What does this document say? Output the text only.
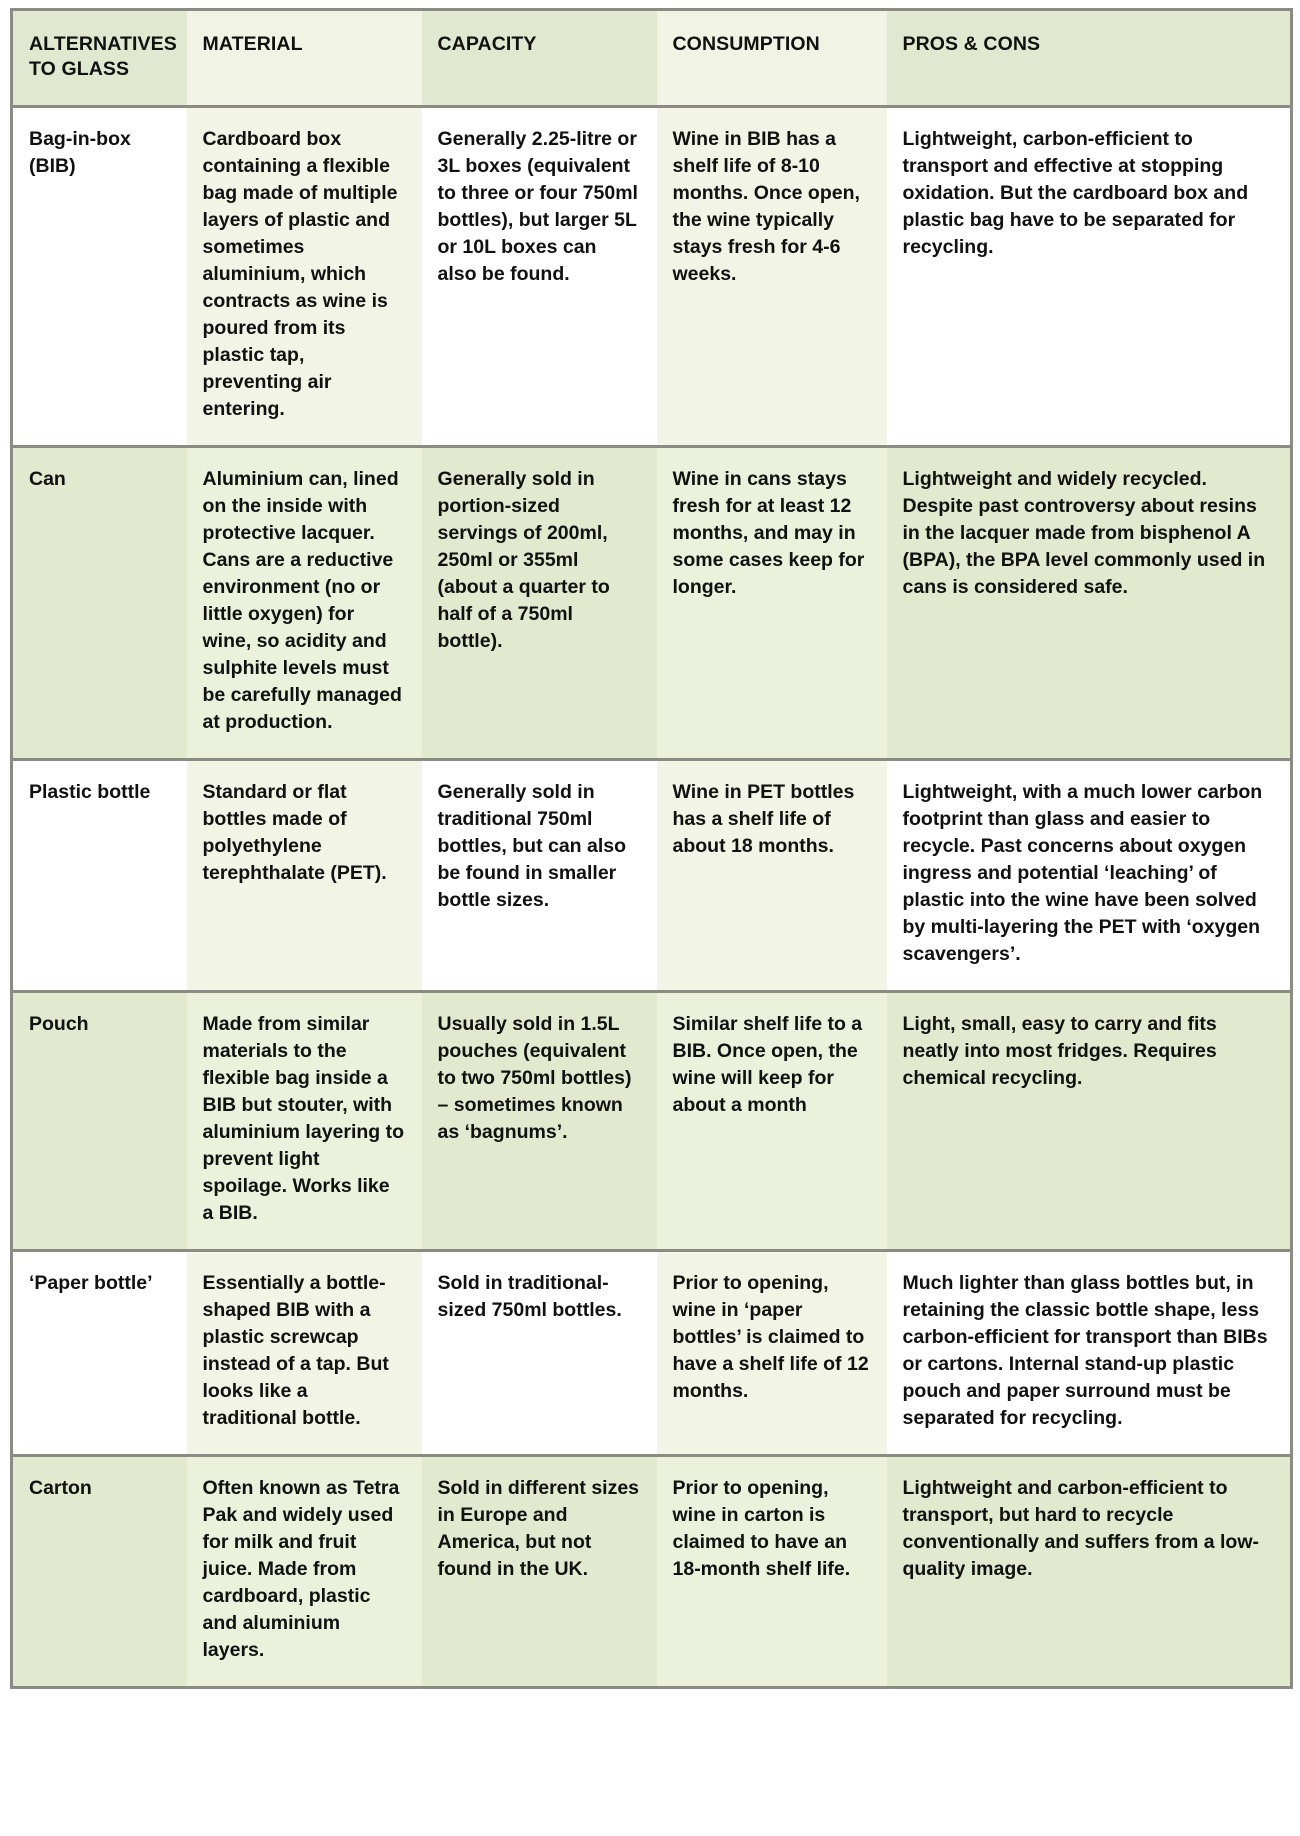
ALTERNATIVES TO GLASS	MATERIAL	CAPACITY	CONSUMPTION	PROS & CONS
Bag-in-box (BIB)	Cardboard box containing a flexible bag made of multiple layers of plastic and sometimes aluminium, which contracts as wine is poured from its plastic tap, preventing air entering.	Generally 2.25-litre or 3L boxes (equivalent to three or four 750ml bottles), but larger 5L or 10L boxes can also be found.	Wine in BIB has a shelf life of 8-10 months. Once open, the wine typically stays fresh for 4-6 weeks.	Lightweight, carbon-efficient to transport and effective at stopping oxidation. But the cardboard box and plastic bag have to be separated for recycling.
Can	Aluminium can, lined on the inside with protective lacquer. Cans are a reductive environment (no or little oxygen) for wine, so acidity and sulphite levels must be carefully managed at production.	Generally sold in portion-sized servings of 200ml, 250ml or 355ml (about a quarter to half of a 750ml bottle).	Wine in cans stays fresh for at least 12 months, and may in some cases keep for longer.	Lightweight and widely recycled. Despite past controversy about resins in the lacquer made from bisphenol A (BPA), the BPA level commonly used in cans is considered safe.
Plastic bottle	Standard or flat bottles made of polyethylene terephthalate (PET).	Generally sold in traditional 750ml bottles, but can also be found in smaller bottle sizes.	Wine in PET bottles has a shelf life of about 18 months.	Lightweight, with a much lower carbon footprint than glass and easier to recycle. Past concerns about oxygen ingress and potential ‘leaching’ of plastic into the wine have been solved by multi-layering the PET with ‘oxygen scavengers’.
Pouch	Made from similar materials to the flexible bag inside a BIB but stouter, with aluminium layering to prevent light spoilage. Works like a BIB.	Usually sold in 1.5L pouches (equivalent to two 750ml bottles) – sometimes known as ‘bagnums’.	Similar shelf life to a BIB. Once open, the wine will keep for about a month	Light, small, easy to carry and fits neatly into most fridges. Requires chemical recycling.
‘Paper bottle’	Essentially a bottle-shaped BIB with a plastic screwcap instead of a tap. But looks like a traditional bottle.	Sold in traditional-sized 750ml bottles.	Prior to opening, wine in ‘paper bottles’ is claimed to have a shelf life of 12 months.	Much lighter than glass bottles but, in retaining the classic bottle shape, less carbon-efficient for transport than BIBs or cartons. Internal stand-up plastic pouch and paper surround must be separated for recycling.
Carton	Often known as Tetra Pak and widely used for milk and fruit juice. Made from cardboard, plastic and aluminium layers.	Sold in different sizes in Europe and America, but not found in the UK.	Prior to opening, wine in carton is claimed to have an 18-month shelf life.	Lightweight and carbon-efficient to transport, but hard to recycle conventionally and suffers from a low-quality image.
